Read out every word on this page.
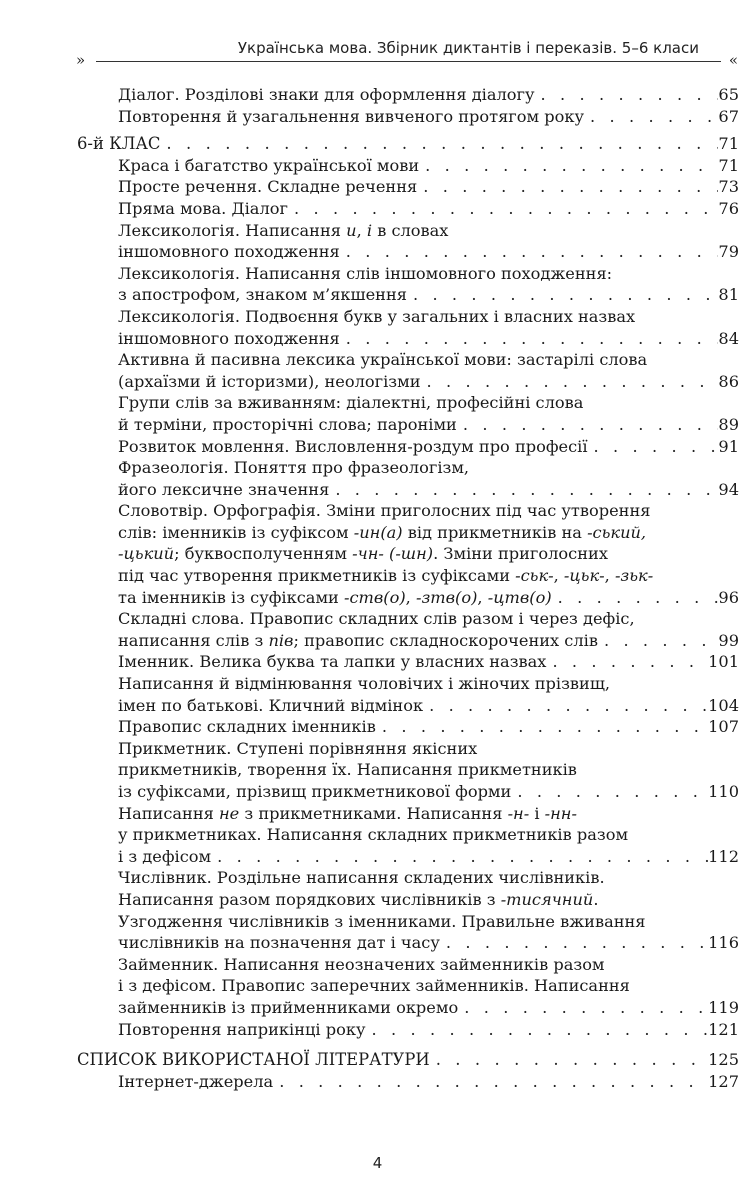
Українська мова. Збірник диктантів і переказів. 5–6 класи
»	«
Діалог. Розділові знаки для оформлення діалогу . . .	65
Повторення й узагальнення вивченого протягом року . . .	67
6-й КЛАС . . .	71
Краса і багатство української мови . . .	71
Просте речення. Складне речення . . .	73
Пряма мова. Діалог . . .	76
Лексикологія. Написання и, і в словах
іншомовного походження . . .	79
Лексикологія. Написання слів іншомовного походження:
з апострофом, знаком м’якшення . . .	81
Лексикологія. Подвоєння букв у загальних і власних назвах
іншомовного походження . . .	84
Активна й пасивна лексика української мови: застарілі слова
(архаїзми й історизми), неологізми . . .	86
Групи слів за вживанням: діалектні, професійні слова
й терміни, просторічні слова; пароніми . . .	89
Розвиток мовлення. Висловлення-роздум про професії . . .	91
Фразеологія. Поняття про фразеологізм,
його лексичне значення . . .	94
Словотвір. Орфографія. Зміни приголосних під час утворення
слів: іменників із суфіксом -ин(а) від прикметників на -ський,
-цький; буквосполученням -чн- (-шн). Зміни приголосних
під час утворення прикметників із суфіксами -ськ-, -цьк-, -зьк-
та іменників із суфіксами -ств(о), -зтв(о), -цтв(о) . . .	96
Складні слова. Правопис складних слів разом і через дефіс,
написання слів з пів; правопис складноскорочених слів . . .	99
Іменник. Велика буква та лапки у власних назвах . . .	101
Написання й відмінювання чоловічих і жіночих прізвищ,
імен по батькові. Кличний відмінок . . .	104
Правопис складних іменників . . .	107
Прикметник. Ступені порівняння якісних
прикметників, творення їх. Написання прикметників
із суфіксами, прізвищ прикметникової форми . . .	110
Написання не з прикметниками. Написання -н- і -нн-
у прикметниках. Написання складних прикметників разом
і з дефісом . . .	112
Числівник. Роздільне написання складених числівників.
Написання разом порядкових числівників з -тисячний.
Узгодження числівників з іменниками. Правильне вживання
числівників на позначення дат і часу . . .	116
Займенник. Написання неозначених займенників разом
і з дефісом. Правопис заперечних займенників. Написання
займенників із прийменниками окремо . . .	119
Повторення наприкінці року . . .	121
СПИСОК ВИКОРИСТАНОЇ ЛІТЕРАТУРИ . . .	125
Інтернет-джерела . . .	127
4
